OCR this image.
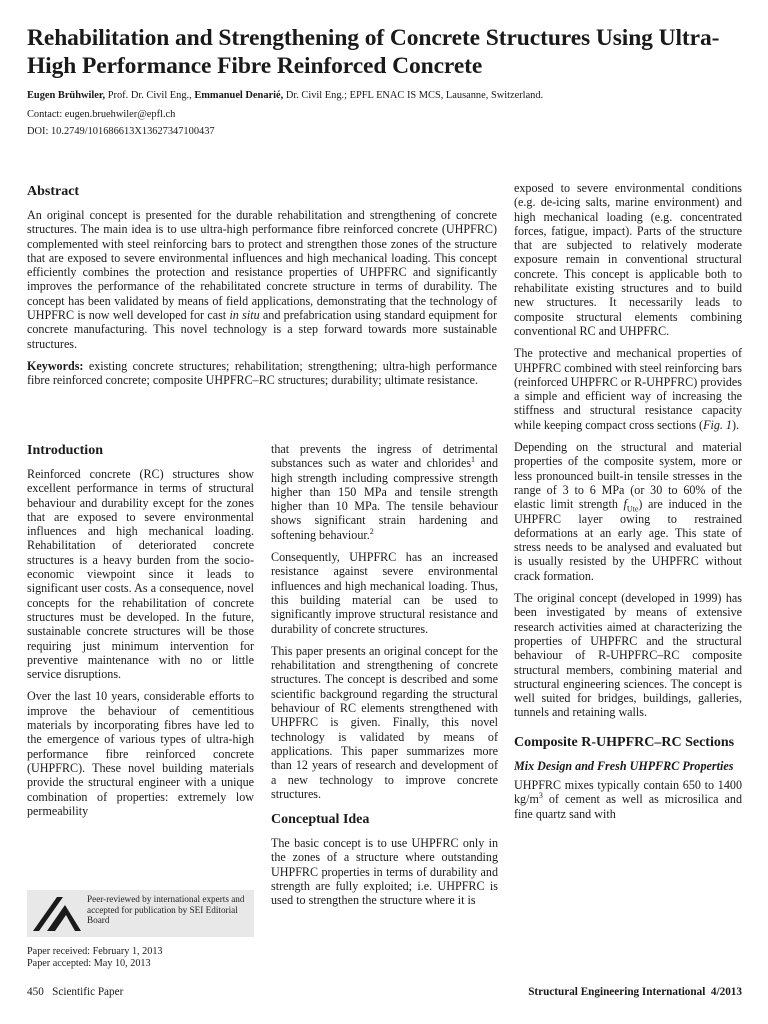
Rehabilitation and Strengthening of Concrete Structures Using Ultra-High Performance Fibre Reinforced Concrete

Eugen Brühwiler, Prof. Dr. Civil Eng., Emmanuel Denarié, Dr. Civil Eng.; EPFL ENAC IS MCS, Lausanne, Switzerland.

Contact: eugen.bruehwiler@epfl.ch

DOI: 10.2749/101686613X13627347100437

Abstract

An original concept is presented for the durable rehabilitation and strengthening of concrete structures. The main idea is to use ultra-high performance fibre reinforced concrete (UHPFRC) complemented with steel reinforcing bars to protect and strengthen those zones of the structure that are exposed to severe environmental influences and high mechanical loading. This concept efficiently combines the protection and resistance properties of UHPFRC and significantly improves the performance of the rehabilitated concrete structure in terms of durability. The concept has been validated by means of field applications, demonstrating that the technology of UHPFRC is now well developed for cast in situ and prefabrication using standard equipment for concrete manufacturing. This novel technology is a step forward towards more sustainable structures.

Keywords: existing concrete structures; rehabilitation; strengthening; ultra-high performance fibre reinforced concrete; composite UHPFRC–RC structures; durability; ultimate resistance.

Introduction

Reinforced concrete (RC) structures show excellent performance in terms of structural behaviour and durability except for the zones that are exposed to severe environmental influences and high mechanical loading. Rehabilitation of deteriorated concrete structures is a heavy burden from the socio-economic viewpoint since it leads to significant user costs. As a consequence, novel concepts for the rehabilitation of concrete structures must be developed. In the future, sustainable concrete structures will be those requiring just minimum intervention for preventive maintenance with no or little service disruptions.

Over the last 10 years, considerable efforts to improve the behaviour of cementitious materials by incorporating fibres have led to the emergence of various types of ultra-high performance fibre reinforced concrete (UHPFRC). These novel building materials provide the structural engineer with a unique combination of properties: extremely low permeability

Peer-reviewed by international experts and accepted for publication by SEI Editorial Board
Paper received: February 1, 2013
Paper accepted: May 10, 2013

that prevents the ingress of detrimental substances such as water and chlorides$^1$ and high strength including compressive strength higher than 150 MPa and tensile strength higher than 10 MPa. The tensile behaviour shows significant strain hardening and softening behaviour.$^2$

Consequently, UHPFRC has an increased resistance against severe environmental influences and high mechanical loading. Thus, this building material can be used to significantly improve structural resistance and durability of concrete structures.

This paper presents an original concept for the rehabilitation and strengthening of concrete structures. The concept is described and some scientific background regarding the structural behaviour of RC elements strengthened with UHPFRC is given. Finally, this novel technology is validated by means of applications. This paper summarizes more than 12 years of research and development of a new technology to improve concrete structures.

Conceptual Idea

The basic concept is to use UHPFRC only in the zones of a structure where outstanding UHPFRC properties in terms of durability and strength are fully exploited; i.e. UHPFRC is used to strengthen the structure where it is

exposed to severe environmental conditions (e.g. de-icing salts, marine environment) and high mechanical loading (e.g. concentrated forces, fatigue, impact). Parts of the structure that are subjected to relatively moderate exposure remain in conventional structural concrete. This concept is applicable both to rehabilitate existing structures and to build new structures. It necessarily leads to composite structural elements combining conventional RC and UHPFRC.

The protective and mechanical properties of UHPFRC combined with steel reinforcing bars (reinforced UHPFRC or R-UHPFRC) provides a simple and efficient way of increasing the stiffness and structural resistance capacity while keeping compact cross sections (Fig. 1).

Depending on the structural and material properties of the composite system, more or less pronounced built-in tensile stresses in the range of 3 to 6 MPa (or 30 to 60% of the elastic limit strength $f_{Ute}$) are induced in the UHPFRC layer owing to restrained deformations at an early age. This state of stress needs to be analysed and evaluated but is usually resisted by the UHPFRC without crack formation.

The original concept (developed in 1999) has been investigated by means of extensive research activities aimed at characterizing the properties of UHPFRC and the structural behaviour of R-UHPFRC–RC composite structural members, combining material and structural engineering sciences. The concept is well suited for bridges, buildings, galleries, tunnels and retaining walls.

Composite R-UHPFRC–RC Sections
Mix Design and Fresh UHPFRC Properties

UHPFRC mixes typically contain 650 to 1400 $kg/m^3$ of cement as well as microsilica and fine quartz sand with

450 Scientific Paper	Structural Engineering International 4/2013
